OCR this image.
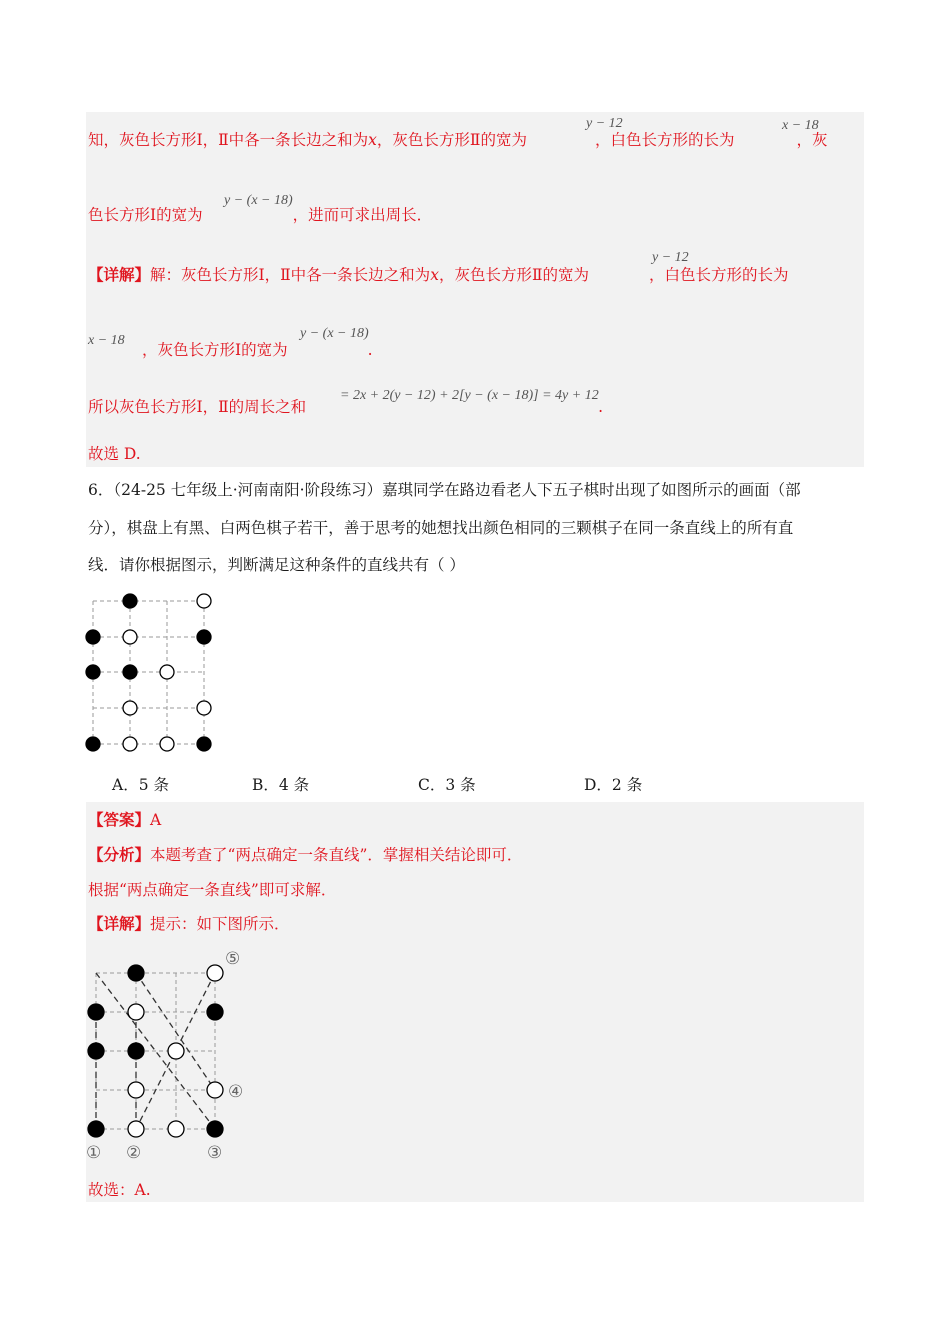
知，灰色长方形Ⅰ，Ⅱ中各一条长边之和为x，灰色长方形Ⅱ的宽为	，白色长方形的长为	，灰
y − 12	x − 18
色长方形Ⅰ的宽为	，进而可求出周长．
y − (x − 18)
【详解】解：灰色长方形Ⅰ，Ⅱ中各一条长边之和为x，灰色长方形Ⅱ的宽为	，白色长方形的长为
y − 12
x − 18
，灰色长方形Ⅰ的宽为	.
y − (x − 18)
所以灰色长方形Ⅰ，Ⅱ的周长之和	.
= 2x + 2(y − 12) + 2[y − (x − 18)] = 4y + 12
故选 D.
6．（24-25 七年级上·河南南阳·阶段练习）嘉琪同学在路边看老人下五子棋时出现了如图所示的画面（部
分），棋盘上有黑、白两色棋子若干，善于思考的她想找出颜色相同的三颗棋子在同一条直线上的所有直
线．请你根据图示，判断满足这种条件的直线共有（ ）
A．5 条	B．4 条	C．3 条	D．2 条
【答案】A
【分析】本题考查了“两点确定一条直线”．掌握相关结论即可．
根据“两点确定一条直线”即可求解．
【详解】提示：如下图所示．
① ②	③
④
⑤
故选：A.
